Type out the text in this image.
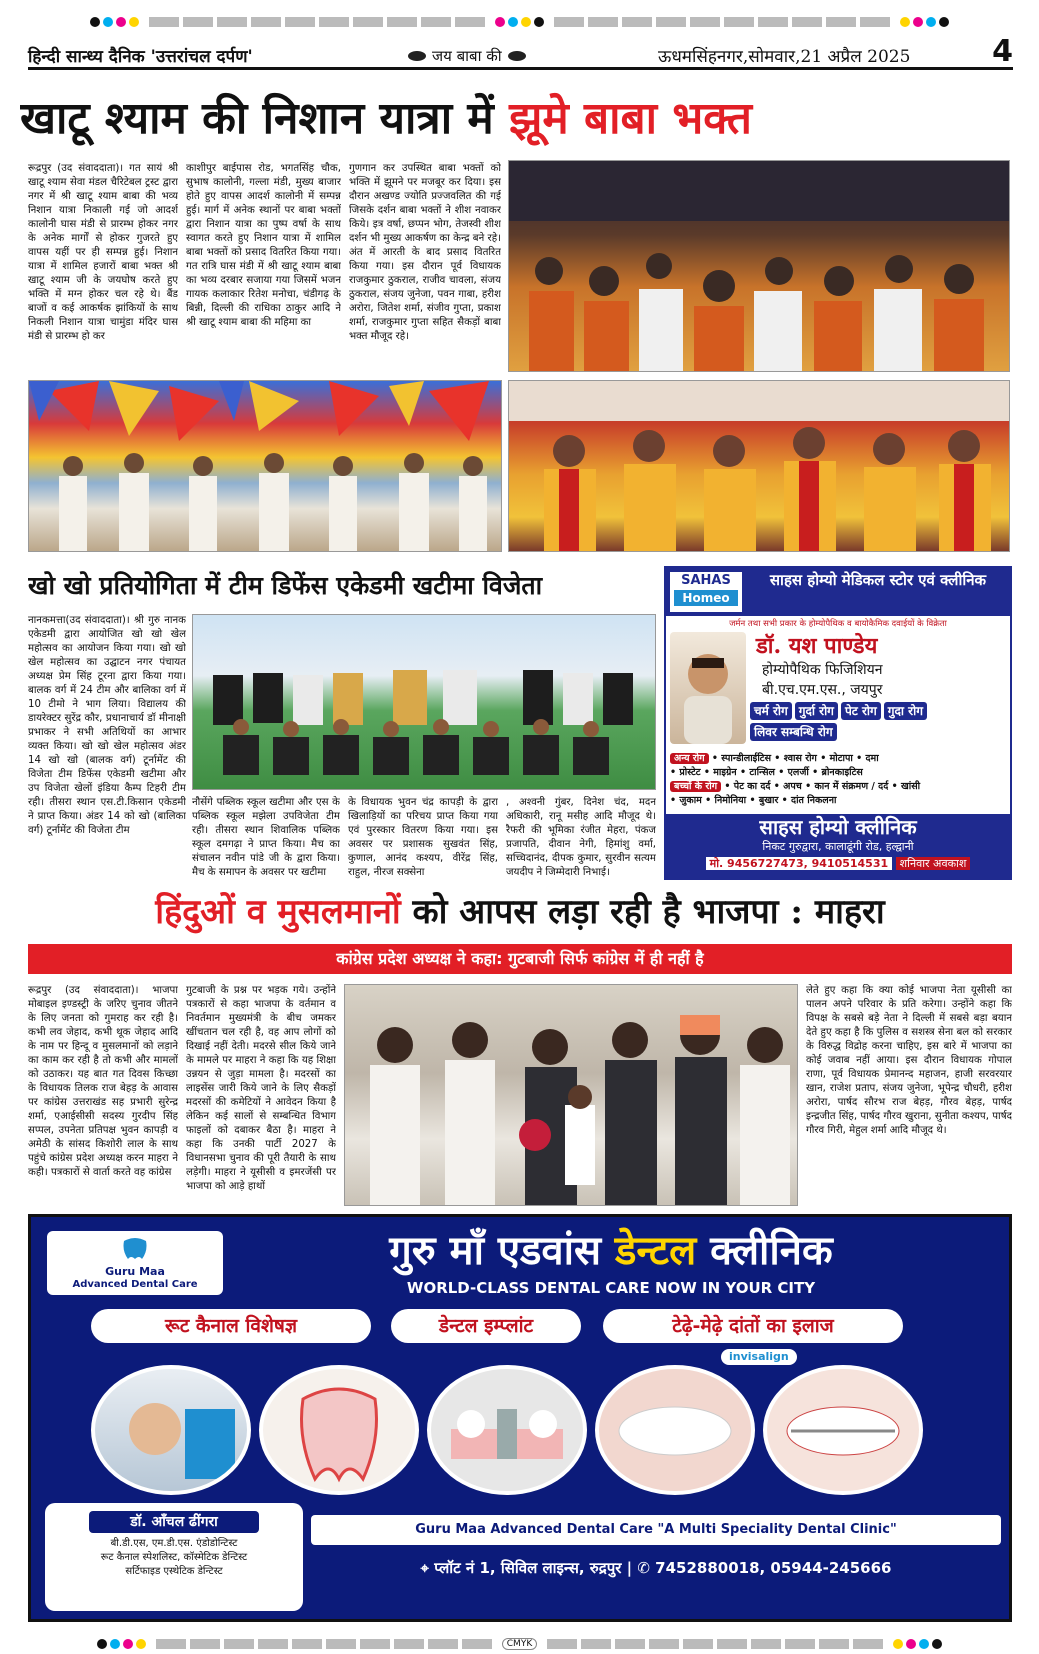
हिन्दी सान्ध्य दैनिक 'उत्तरांचल दर्पण'	जय बाबा की	ऊधमसिंहनगर,सोमवार,21 अप्रैल 2025	4
खाटू श्याम की निशान यात्रा में झूमे बाबा भक्त
रूद्रपुर (उद संवाददाता)। गत सायं श्री खाटू श्याम सेवा मंडल चैरिटेबल ट्रस्ट द्वारा नगर में श्री खाटू श्याम बाबा की भव्य निशान यात्रा निकाली गई जो आदर्श कालोनी घास मंडी से प्रारम्भ होकर नगर के अनेक मार्गों से होकर गुजरते हुए वापस यहीं पर ही सम्पन्न हुई। निशान यात्रा में शामिल हजारों बाबा भक्त श्री खाटू श्याम जी के जयघोष करते हुए भक्ति में मग्न होकर चल रहे थे। बैंड बाजों व कई आकर्षक झांकियों के साथ निकली निशान यात्रा चामुंडा मंदिर घास मंडी से प्रारम्भ हो कर
काशीपुर बाईपास रोड, भगतसिंह चौक, सुभाष कालोनी, गल्ला मंडी, मुख्य बाजार होते हुए वापस आदर्श कालोनी में सम्पन्न हुई। मार्ग में अनेक स्थानों पर बाबा भक्तों द्वारा निशान यात्रा का पुष्प वर्षा के साथ स्वागत करते हुए निशान यात्रा में शामिल बाबा भक्तों को प्रसाद वितरित किया गया। गत रात्रि घास मंडी में श्री खाटू श्याम बाबा का भव्य दरबार सजाया गया जिसमें भजन गायक कलाकार रितेश मनोचा, चंडीगढ़ के बिन्नी, दिल्ली की राधिका ठाकुर आदि ने श्री खाटू श्याम बाबा की महिमा का
गुणगान कर उपस्थित बाबा भक्तों को भक्ति में झूमने पर मजबूर कर दिया। इस दौरान अखण्ड ज्योति प्रज्जवलित की गई जिसके दर्शन बाबा भक्तों ने शीश नवाकर किये। इत्र वर्षा, छप्पन भोग, तेजस्वी शीश दर्शन भी मुख्य आकर्षण का केन्द्र बने रहे। अंत में आरती के बाद प्रसाद वितरित किया गया। इस दौरान पूर्व विधायक राजकुमार ठुकराल, राजीव चावला, संजय ठुकराल, संजय जुनेजा, पवन गाबा, हरीश अरोरा, जितेश शर्मा, संजीव गुप्ता, प्रकाश शर्मा, राजकुमार गुप्ता सहित सैकड़ों बाबा भक्त मौजूद रहे।
खो खो प्रतियोगिता में टीम डिफेंस एकेडमी खटीमा विजेता
नानकमत्ता(उद संवाददाता)। श्री गुरु नानक एकेडमी द्वारा आयोजित खो खो खेल महोत्सव का आयोजन किया गया। खो खो खेल महोत्सव का उद्घाटन नगर पंचायत अध्यक्ष प्रेम सिंह टूरना द्वारा किया गया। बालक वर्ग में 24 टीम और बालिका वर्ग में 10 टीमो ने भाग लिया। विद्यालय की डायरेक्टर सुरेंद्र कौर, प्रधानाचार्य डॉ मीनाक्षी प्रभाकर ने सभी अतिथियों का आभार व्यक्त किया। खो खो खेल महोत्सव अंडर 14 खो खो (बालक वर्ग) टूर्नामेंट की विजेता टीम डिफेंस एकेडमी खटीमा और उप विजेता खेलों इंडिया कैम्प टिहरी टीम रही। तीसरा स्थान एस.टी.किसान एकेडमी ने प्राप्त किया। अंडर 14 को खो (बालिका वर्ग) टूर्नामेंट की विजेता टीम
नौसेंगे पब्लिक स्कूल खटीमा और एस के पब्लिक स्कूल मझेला उपविजेता टीम रही। तीसरा स्थान शिवालिक पब्लिक स्कूल दमगढ़ा ने प्राप्त किया। मैच का संचालन नवीन पांडे जी के द्वारा किया। मैच के समापन के अवसर पर खटीमा
के विधायक भुवन चंद्र कापड़ी के द्वारा खिलाड़ियों का परिचय प्राप्त किया गया एवं पुरस्कार वितरण किया गया। इस अवसर पर प्रशासक सुखवंत सिंह, कुणाल, आनंद कश्यप, वीरेंद्र सिंह, राहुल, नीरज सक्सेना
, अश्वनी गुंबर, दिनेश चंद, मदन अधिकारी, रानू मसीह आदि मौजूद थे। रैफरी की भूमिका रंजीत मेहरा, पंकज प्रजापति, दीवान नेगी, हिमांशु वर्मा, सच्चिदानंद, दीपक कुमार, सुरवीन सत्यम जयदीप ने जिम्मेदारी निभाई।
SAHAS
Homeo
साहस होम्यो मेडिकल स्टोर एवं क्लीनिक
जर्मन तथा सभी प्रकार के होम्योपैथिक व बायोकैमिक दवाईयों के विक्रेता
डॉ. यश पाण्डेय
होम्योपैथिक फिजिशियन
बी.एच.एम.एस., जयपुर
चर्म रोग गुर्दा रोग पेट रोग गुदा रोग
लिवर सम्बन्धि रोग
अन्य रोग • स्पान्डीलाईटिस • श्वास रोग • मोटापा • दमा
• प्रोस्टेट • माइग्रेन • टान्सिल • एलर्जी • ब्रोनकाइटिस
बच्चों के रोग • पेट का दर्द • अपच • कान में संक्रमण / दर्द • खांसी
• जुकाम • निमोनिया • बुखार • दांत निकलना
साहस होम्यो क्लीनिक
निकट गुरुद्वारा, कालाढूंगी रोड, हल्द्वानी
मो. 9456727473, 9410514531 शनिवार अवकाश
हिंदुओं व मुसलमानों को आपस लड़ा रही है भाजपा : माहरा
कांग्रेस प्रदेश अध्यक्ष ने कहा: गुटबाजी सिर्फ कांग्रेस में ही नहीं है
रूद्रपुर (उद संवाददाता)। भाजपा मोबाइल इण्डस्ट्री के जरिए चुनाव जीतने के लिए जनता को गुमराह कर रही है। कभी लव जेहाद, कभी थूक जेहाद आदि के नाम पर हिन्दू व मुसलमानों को लड़ाने का काम कर रही है तो कभी और मामलों को उठाकर। यह बात गत दिवस किच्छा के विधायक तिलक राज बेहड़ के आवास पर कांग्रेस उत्तराखंड सह प्रभारी सुरेन्द्र शर्मा, एआईसीसी सदस्य गुरदीप सिंह सप्पल, उपनेता प्रतिपक्ष भुवन कापड़ी व अमेठी के सांसद किशोरी लाल के साथ पहुंचे कांग्रेस प्रदेश अध्यक्ष करन माहरा ने कही। पत्रकारों से वार्ता करते वह कांग्रेस
गुटबाजी के प्रश्न पर भड़क गये। उन्होंने पत्रकारों से कहा भाजपा के वर्तमान व निवर्तमान मुख्यमंत्री के बीच जमकर खींचतान चल रही है, वह आप लोगों को दिखाई नहीं देती। मदरसे सील किये जाने के मामले पर माहरा ने कहा कि यह शिक्षा उन्नयन से जुड़ा मामला है। मदरसों का लाइसेंस जारी किये जाने के लिए सैकड़ों मदरसों की कमेटियों ने आवेदन किया है लेकिन कई सालों से सम्बन्धित विभाग फाइलों को दबाकर बैठा है। माहरा ने कहा कि उनकी पार्टी 2027 के विधानसभा चुनाव की पूरी तैयारी के साथ लड़ेगी। माहरा ने यूसीसी व इमरजेंसी पर भाजपा को आड़े हाथों
लेते हुए कहा कि क्या कोई भाजपा नेता यूसीसी का पालन अपने परिवार के प्रति करेगा। उन्होंने कहा कि विपक्ष के सबसे बड़े नेता ने दिल्ली में सबसे बड़ा बयान देते हुए कहा है कि पुलिस व सशस्त्र सेना बल को सरकार के विरुद्ध विद्रोह करना चाहिए, इस बारे में भाजपा का कोई जवाब नहीं आया। इस दौरान विधायक गोपाल राणा, पूर्व विधायक प्रेमानन्द महाजन, हाजी सरवरयार खान, राजेश प्रताप, संजय जुनेजा, भूपेन्द्र चौधरी, हरीश अरोरा, पार्षद सौरभ राज बेहड़, गौरव बेहड़, पार्षद इन्द्रजीत सिंह, पार्षद गौरव खुराना, सुनीता कश्यप, पार्षद गौरव गिरी, मेहुल शर्मा आदि मौजूद थे।
Guru Maa
Advanced Dental Care
गुरु माँ एडवांस डेन्टल क्लीनिक
WORLD-CLASS DENTAL CARE NOW IN YOUR CITY
रूट कैनाल विशेषज्ञ	डेन्टल इम्प्लांट	टेढ़े-मेढ़े दांतों का इलाज
invisalign
डॉ. आँचल ढींगरा
बी.डी.एस, एम.डी.एस. एंडोडोन्टिस्ट
रूट कैनाल स्पेशलिस्ट, कॉस्मेटिक डेन्टिस्ट
सर्टिफाइड एस्थेटिक डेन्टिस्ट
Guru Maa Advanced Dental Care "A Multi Speciality Dental Clinic"
⌖ प्लॉट नं 1, सिविल लाइन्स, रुद्रपुर | ✆ 7452880018, 05944-245666
CMYK
